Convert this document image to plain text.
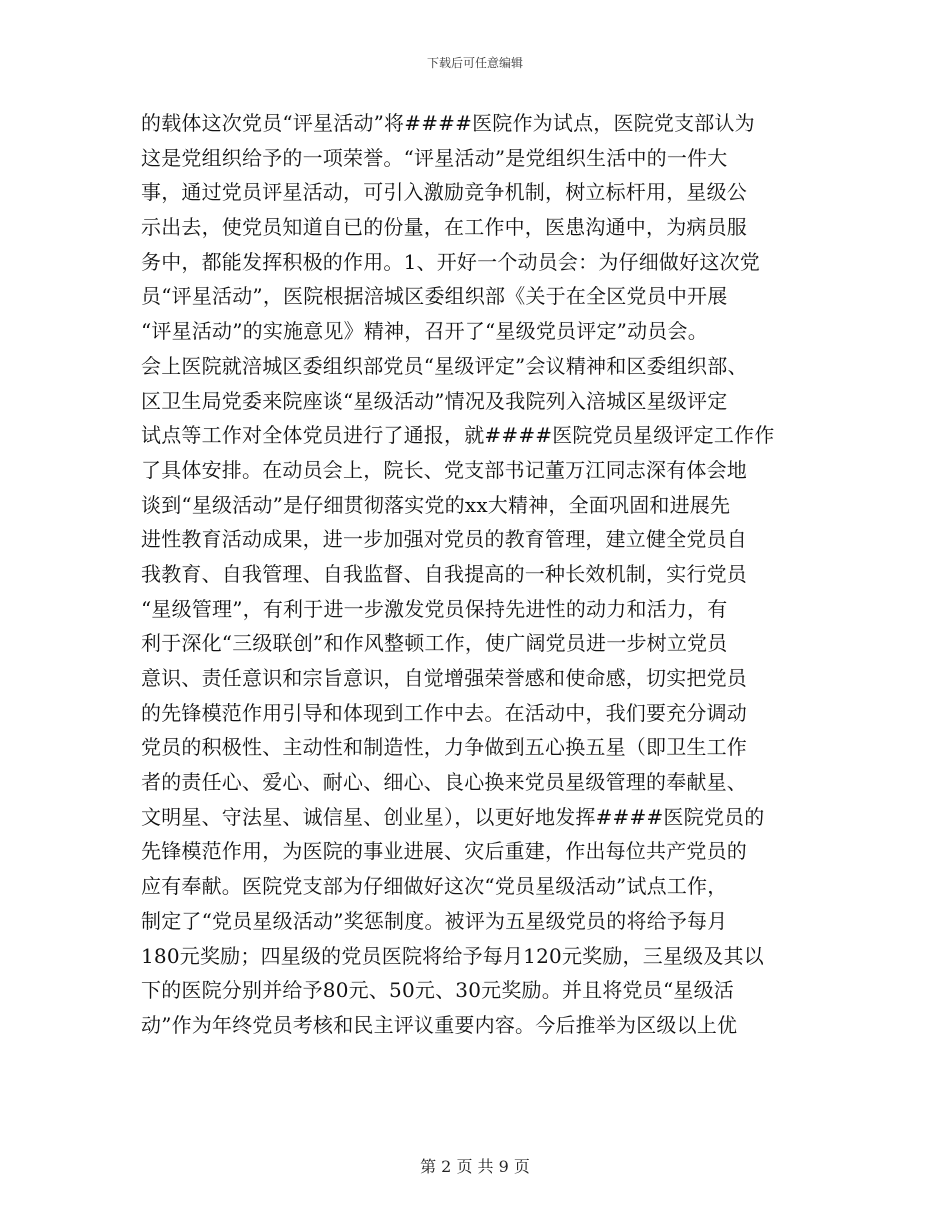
下载后可任意编辑
的载体这次党员“评星活动”将####医院作为试点，医院党支部认为
这是党组织给予的一项荣誉。“评星活动”是党组织生活中的一件大
事，通过党员评星活动，可引入激励竞争机制，树立标杆用，星级公
示出去，使党员知道自已的份量，在工作中，医患沟通中，为病员服
务中，都能发挥积极的作用。1、开好一个动员会：为仔细做好这次党
员“评星活动”，医院根据涪城区委组织部《关于在全区党员中开展
“评星活动”的实施意见》精神，召开了“星级党员评定”动员会。
会上医院就涪城区委组织部党员“星级评定”会议精神和区委组织部、
区卫生局党委来院座谈“星级活动”情况及我院列入涪城区星级评定
试点等工作对全体党员进行了通报，就####医院党员星级评定工作作
了具体安排。在动员会上，院长、党支部书记董万江同志深有体会地
谈到“星级活动”是仔细贯彻落实党的xx大精神，全面巩固和进展先
进性教育活动成果，进一步加强对党员的教育管理，建立健全党员自
我教育、自我管理、自我监督、自我提高的一种长效机制，实行党员
“星级管理”，有利于进一步激发党员保持先进性的动力和活力，有
利于深化“三级联创”和作风整顿工作，使广阔党员进一步树立党员
意识、责任意识和宗旨意识，自觉增强荣誉感和使命感，切实把党员
的先锋模范作用引导和体现到工作中去。在活动中，我们要充分调动
党员的积极性、主动性和制造性，力争做到五心换五星（即卫生工作
者的责任心、爱心、耐心、细心、良心换来党员星级管理的奉献星、
文明星、守法星、诚信星、创业星），以更好地发挥####医院党员的
先锋模范作用，为医院的事业进展、灾后重建，作出每位共产党员的
应有奉献。医院党支部为仔细做好这次“党员星级活动”试点工作，
制定了“党员星级活动”奖惩制度。被评为五星级党员的将给予每月
180元奖励；四星级的党员医院将给予每月120元奖励，三星级及其以
下的医院分别并给予80元、50元、30元奖励。并且将党员“星级活
动”作为年终党员考核和民主评议重要内容。今后推举为区级以上优
第 2 页 共 9 页
